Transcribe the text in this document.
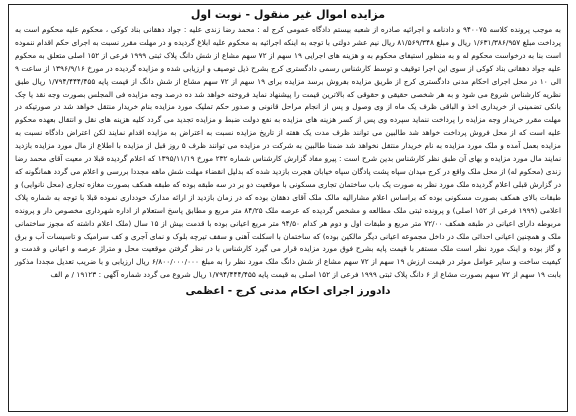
مزایده اموال غیر منقول - نوبت اول

به موجب پرونده کلاسه ۹۴۰۰۷۵ و دادنامه و اجرائیه صادره از شعبه بیستم دادگاه عمومی کرج له : محمد رضا زندی علیه : جواد دهقانی بناد کوکی ، محکوم علیه محکوم است به پرداخت مبلغ ۱/۶۳۱/۳۸۶/۹۵۷ ریال و مبلغ ۸۱/۵۶۹/۳۴۸ ریال نیم عشر دولتی با توجه به اینکه اجرائیه به محکوم علیه ابلاغ گردیده و در مهلت مقرر نسبت به اجرای حکم اقدام ننموده است بنا به درخواست محکوم له و به منظور استیفای محکوم به و هزینه های اجرایی ۱۹ سهم از ۷۲ سهم مشاع از شش دانگ پلاک ثبتی ۱۹۹۹ فرعی از ۱۵۲ اصلی متعلق به محکوم علیه جواد دهقانی بناد کوکی از سوی این اجرا توقیف و توسط کارشناس رسمی دادگستری کرج بشرح ذیل توصیف و ارزیابی شده و مزایده گردیده در مورخ ۱۳۹۶/۹/۱۶ از ساعت ۹ الی ۱۰ در محل اجرای احکام مدنی دادگستری کرج از طریق مزایده بفروش برسد مزایده برای ۱۹ سهم از ۷۲ سهم مشاع از شش دانگ از قیمت پایه ۱/۷۹۴/۴۴۴/۴۵۵ ریال طبق نظریه کارشناس شروع می شود و به هر شخصی حقیقی و حقوقی که بالاترین قیمت را پیشنهاد نماید فروخته خواهد شد ده درصد وجه مزایده فی المجلس بصورت وجه نقد یا چک بانکی تضمینی از خریداری اخذ و الباقی ظرف یک ماه از وی وصول و پس از انجام مراحل قانونی و صدور حکم تملیک مورد مزایده بنام خریدار منتقل خواهد شد در صورتیکه در مهلت مقرر خریدار وجه مزایده را پرداخت ننماید سپرده وی پس از کسر هزینه های مزایده به نفع دولت ضبط و مزایده تجدید می گردد کلیه هزینه های نقل و انتقال بعهده محکوم علیه است که از محل فروش پرداخت خواهد شد طالبین می توانند ظرف مدت یک هفته از تاریخ مزایده نسبت به اعتراض به مزایده اقدام نمایند لکن اعتراض دادگاه نسبت به مزایده بعمل آمده و ملک مورد مزایده به نام خریدار منتقل نخواهد شد ضمنا طالبین به شرکت در مزایده می توانند ظرف ۵ روز قبل از مزایده با اطلاع از مال مورد مزایده بازدید نمایند مال مورد مزایده و بهای آن طبق نظر کارشناس بدین شرح است : پیرو مفاد گزارش کارشناس شماره ۲۳۲ مورخ ۱۳۹۵/۱۱/۱۹ که اعلام گردیده قبلا در معیت آقای محمد رضا زندی (محکوم له) از محل ملک واقع در کرج میدان سپاه پشت پادگان سپاه خیابان هجرت بازدید شده که بدلیل انقضاء مهلت شش ماهه مجددا بررسی و اعلام می گردد همانگونه که در گزارش قبلی اعلام گردیده ملک مورد نظر به صورت یک باب ساختمان تجاری مسکونی با موقعیت دو بر در سه طبقه بوده که طبقه همکف بصورت مغازه تجاری (محل نانوایی) و طبقات بالای همکف بصورت مسکونی بوده که براساس اعلام مشارالیه مالک ملک آقای دهقان بوده که در زمان بازدید از ارائه مدارک خودداری نموده قبلا با توجه به شماره پلاک اعلامی (۱۹۹۹ فرعی از ۱۵۲ اصلی) و پرونده ثبتی ملک مطالعه و مشخص گردیده که عرصه ملک ۸۴/۲۵ متر مربع و مطابق پاسخ استعلام از اداره شهرداری مخصوص دار و پرونده مربوطه دارای اعیانی در طبقه همکف ۷۲/۰۰ متر مربع و طبقات اول و دوم هر کدام ۹۴/۵۰ متر مربع اعیانی بوده با قدمت بیش از ۱۵ سال (ملک اعلام داشته که مجوز ساختمانی ملک و همچنین اعیانی احداثی ملک در داخل مجموعه اعیانی دیگر مالکین بوده) که ساختمان با اسکلت آهنی و سقف تیرچه بلوک و نمای آجری و کف سرامیک و تاسیسات آب و برق و گاز بوده و اینک مورد نظر است ملک مستقر با قیمت پایه بشرح فوق مورد مزایده قرار می گیرد کارشناس با در نظر گرفتن موقعیت محل و متراژ عرصه و اعیانی و قدمت و کیفیت ساخت و سایر عوامل موثر در قیمت ارزش ۱۹ سهم از ۷۲ سهم مشاع از شش دانگ ملک مورد نظر را به مبلغ ۶/۸۰۰/۰۰۰/۰۰۰ ریال ارزیابی و با ضریب تعدیل مجددا مذکور بابت ۱۹ سهم از ۷۲ سهم بصورت مشاع از ۶ دانگ پلاک ثبتی ۱۹۹۹ فرعی از ۱۵۲ اصلی به قیمت پایه ۱/۷۹۴/۴۴۴/۴۵۵ ریال شروع می گردد شماره آگهی : ۱۹۱۲۳ / م الف

دادورز اجرای احکام مدنی کرج - اعظمی
